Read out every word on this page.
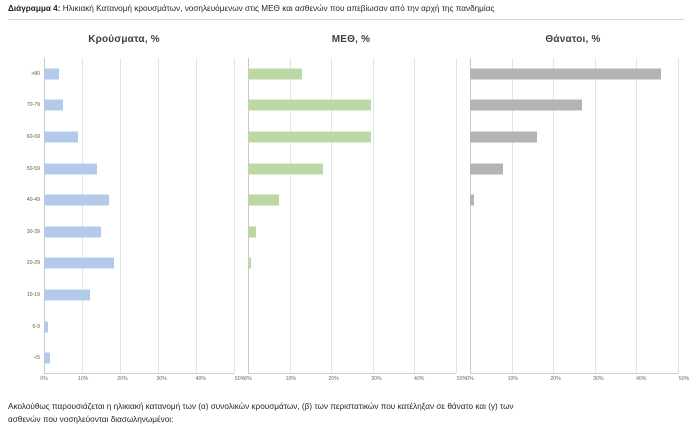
Διάγραμμα 4: Ηλικιακή Κατανομή κρουσμάτων, νοσηλευόμενων στις ΜΕΘ και ασθενών που απεβίωσαν από την αρχή της πανδημίας
Κρούσματα, %
>80
70-79
60-69
50-59
40-49
30-39
20-29
10-19
5-9
<5
0%	10%	20%	30%	40%	50%
ΜΕΘ, %
0%	10%	20%	30%	40%	50%
Θάνατοι, %
0%	10%	20%	30%	40%	50%
Ακολούθως παρουσιάζεται η ηλικιακή κατανομή των (α) συνολικών κρουσμάτων, (β) των περιστατικών που κατέληξαν σε θάνατο και (γ) των
ασθενών που νοσηλεύονται διασωληνωμένοι:
